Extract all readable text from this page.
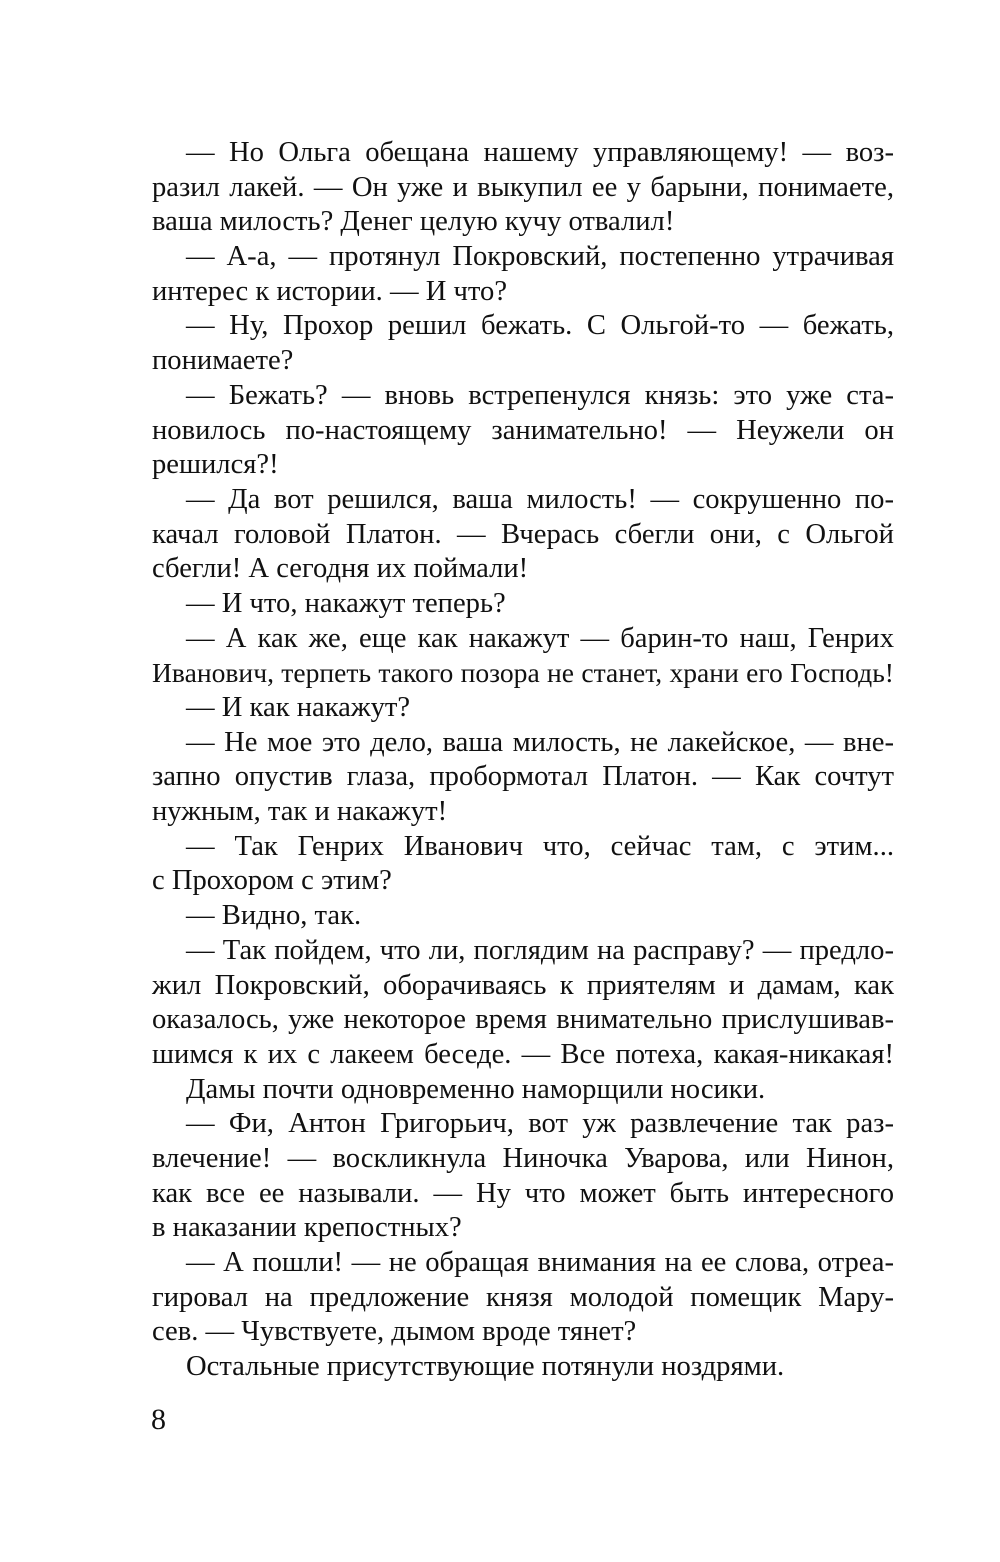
— Но Ольга обещана нашему управляющему! — воз-
разил лакей. — Он уже и выкупил ее у барыни, понимаете,
ваша милость? Денег целую кучу отвалил!
— А-а, — протянул Покровский, постепенно утрачивая
интерес к истории. — И что?
— Ну, Прохор решил бежать. С Ольгой-то — бежать,
понимаете?
— Бежать? — вновь встрепенулся князь: это уже ста-
новилось по-настоящему занимательно! — Неужели он
решился?!
— Да вот решился, ваша милость! — сокрушенно по-
качал головой Платон. — Вчерась сбегли они, с Ольгой
сбегли! А сегодня их поймали!
— И что, накажут теперь?
— А как же, еще как накажут — барин-то наш, Генрих
Иванович, терпеть такого позора не станет, храни его Господь!
— И как накажут?
— Не мое это дело, ваша милость, не лакейское, — вне-
запно опустив глаза, пробормотал Платон. — Как сочтут
нужным, так и накажут!
— Так Генрих Иванович что, сейчас там, с этим...
с Прохором с этим?
— Видно, так.
— Так пойдем, что ли, поглядим на расправу? — предло-
жил Покровский, оборачиваясь к приятелям и дамам, как
оказалось, уже некоторое время внимательно прислушивав-
шимся к их с лакеем беседе. — Все потеха, какая-никакая!
Дамы почти одновременно наморщили носики.
— Фи, Антон Григорьич, вот уж развлечение так раз-
влечение! — воскликнула Ниночка Уварова, или Нинон,
как все ее называли. — Ну что может быть интересного
в наказании крепостных?
— А пошли! — не обращая внимания на ее слова, отреа-
гировал на предложение князя молодой помещик Мару-
сев. — Чувствуете, дымом вроде тянет?
Остальные присутствующие потянули ноздрями.
8
